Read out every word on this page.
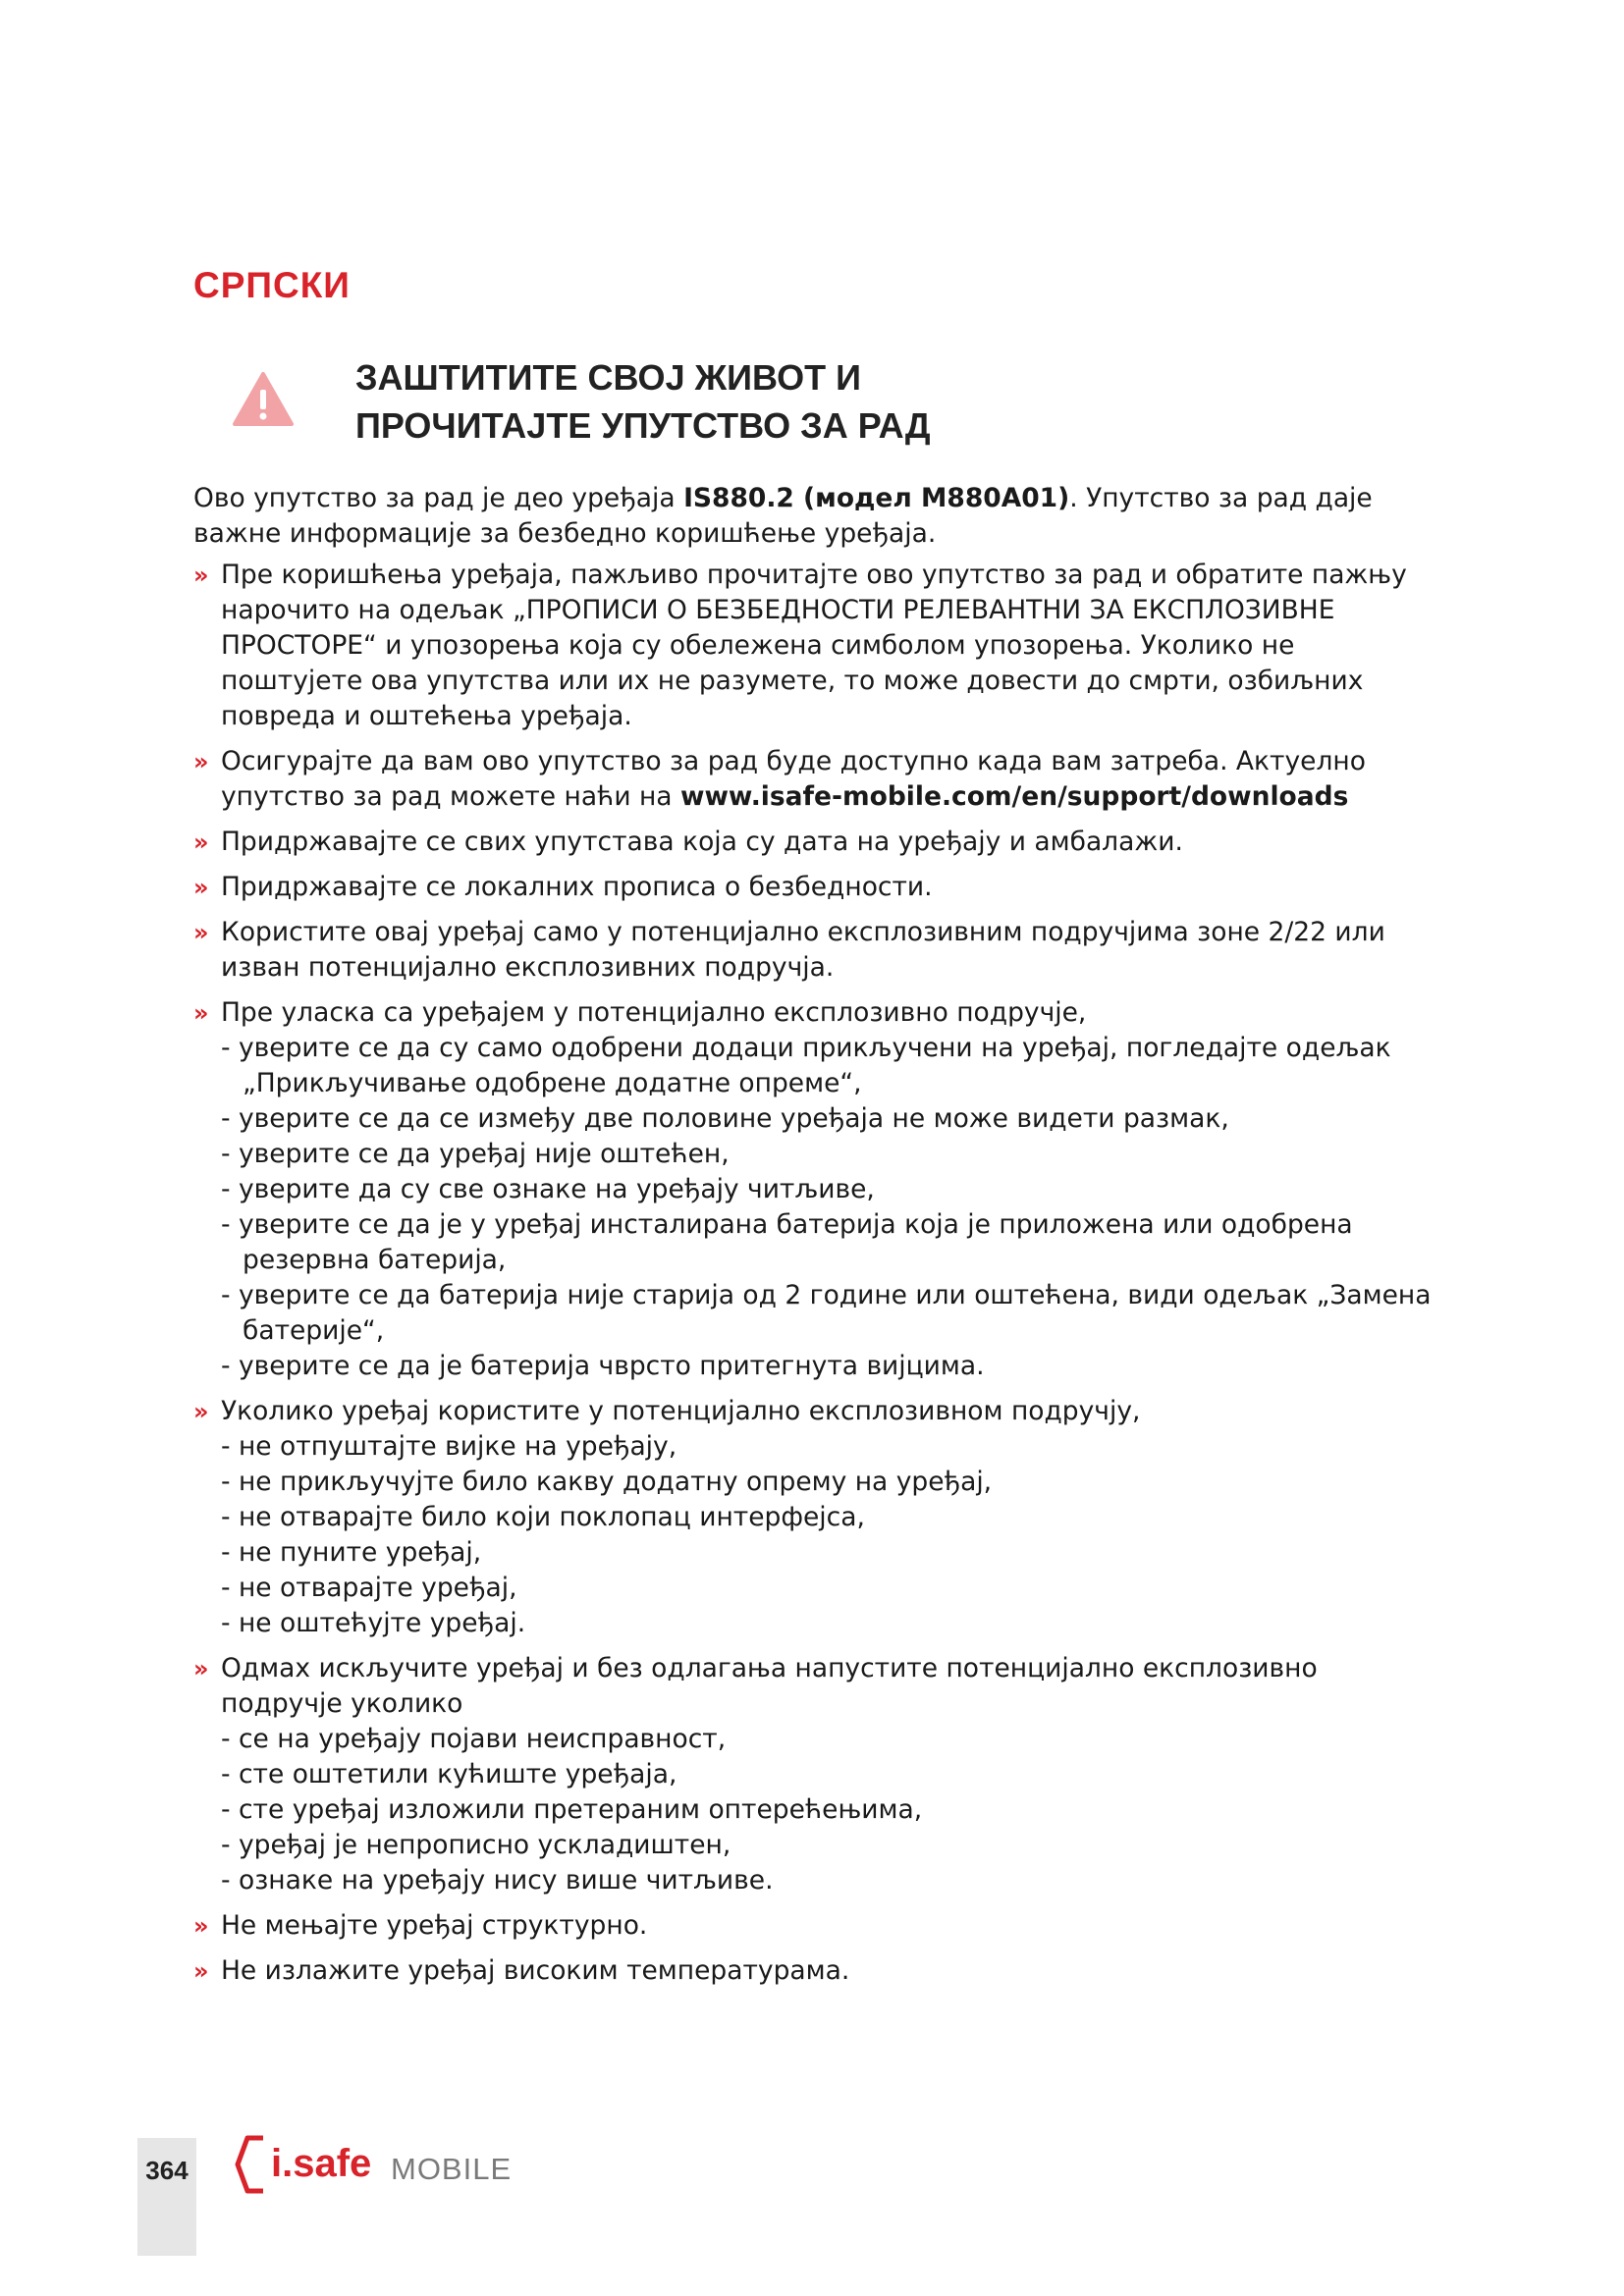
СРПСКИ
ЗАШТИТИТЕ СВОЈ ЖИВОТ И
ПРОЧИТАЈТЕ УПУТСТВО ЗА РАД

Ово упутство за рад је део уређаја IS880.2 (модел M880A01). Упутство за рад даје важне информације за безбедно коришћење уређаја.

» Пре коришћења уређаја, пажљиво прочитајте ово упутство за рад и обратите пажњу нарочито на одељак „ПРОПИСИ О БЕЗБЕДНОСТИ РЕЛЕВАНТНИ ЗА ЕКСПЛОЗИВНЕ ПРОСТОРЕ“ и упозорења која су обележена симболом упозорења. Уколико не поштујете ова упутства или их не разумете, то може довести до смрти, озбиљних повреда и оштећења уређаја.
» Осигурајте да вам ово упутство за рад буде доступно када вам затреба. Актуелно упутство за рад можете наћи на www.isafe-mobile.com/en/support/downloads
» Придржавајте се свих упутстава која су дата на уређају и амбалажи.
» Придржавајте се локалних прописа о безбедности.
» Користите овај уређај само у потенцијално експлозивним подручјима зоне 2/22 или изван потенцијално експлозивних подручја.
» Пре уласка са уређајем у потенцијално експлозивно подручје,
- уверите се да су само одобрени додаци прикључени на уређај, погледајте одељак „Прикључивање одобрене додатне опреме“,
- уверите се да се између две половине уређаја не може видети размак,
- уверите се да уређај није оштећен,
- уверите да су све ознаке на уређају читљиве,
- уверите се да је у уређај инсталирана батерија која је приложена или одобрена резервна батерија,
- уверите се да батерија није старија од 2 године или оштећена, види одељак „Замена батерије“,
- уверите се да је батерија чврсто притегнута вијцима.
» Уколико уређај користите у потенцијално експлозивном подручју,
- не отпуштајте вијке на уређају,
- не прикључујте било какву додатну опрему на уређај,
- не отварајте било који поклопац интерфејса,
- не пуните уређај,
- не отварајте уређај,
- не оштећујте уређај.
» Одмах искључите уређај и без одлагања напустите потенцијално експлозивно подручје уколико
- се на уређају појави неисправност,
- сте оштетили кућиште уређаја,
- сте уређај изложили претераним оптерећењима,
- уређај је непрописно ускладиштен,
- ознаке на уређају нису више читљиве.
» Не мењајте уређај структурно.
» Не излажите уређај високим температурама.
364 i.safe MOBILE
